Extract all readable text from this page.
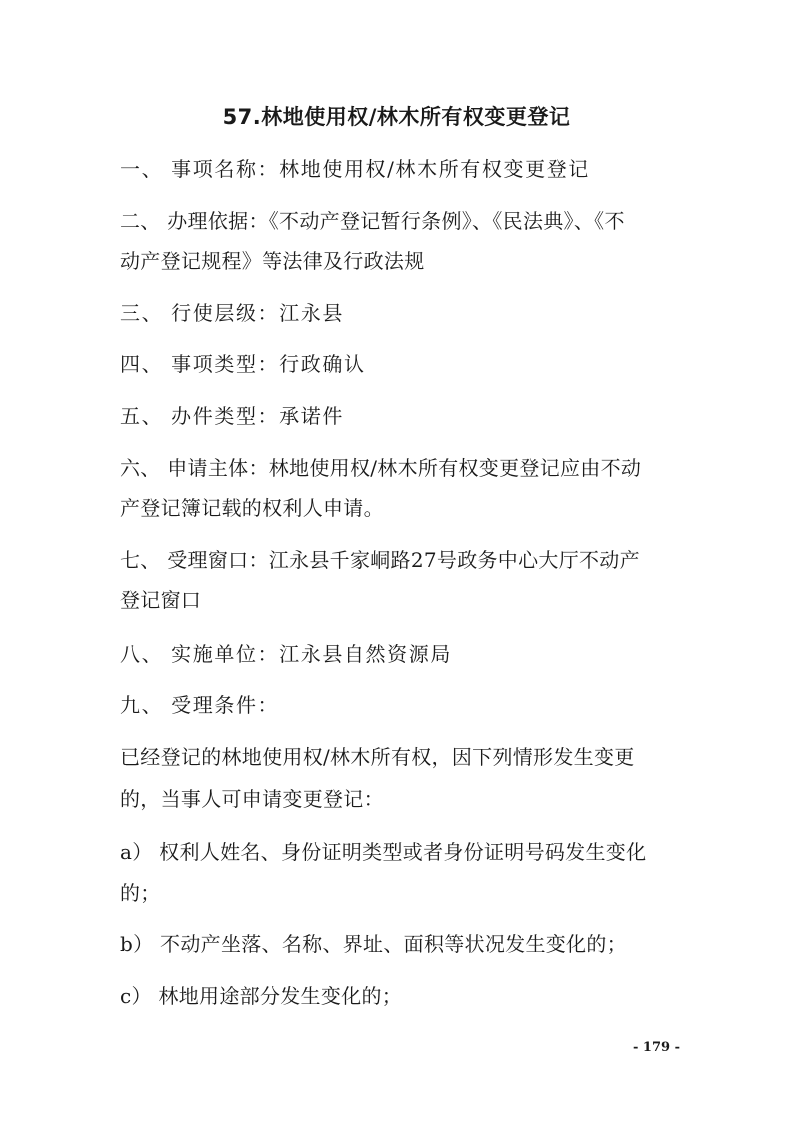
57.林地使用权/林木所有权变更登记
一、 事项名称：林地使用权/林木所有权变更登记
二、 办理依据：《不动产登记暂行条例》、《民法典》、《不
动产登记规程》等法律及行政法规
三、 行使层级：江永县
四、 事项类型：行政确认
五、 办件类型：承诺件
六、 申请主体：林地使用权/林木所有权变更登记应由不动
产登记簿记载的权利人申请。
七、 受理窗口：江永县千家峒路27号政务中心大厅不动产
登记窗口
八、 实施单位：江永县自然资源局
九、 受理条件：
已经登记的林地使用权/林木所有权，因下列情形发生变更
的，当事人可申请变更登记：
a） 权利人姓名、身份证明类型或者身份证明号码发生变化
的；
b） 不动产坐落、名称、界址、面积等状况发生变化的；
c） 林地用途部分发生变化的；
- 179 -
